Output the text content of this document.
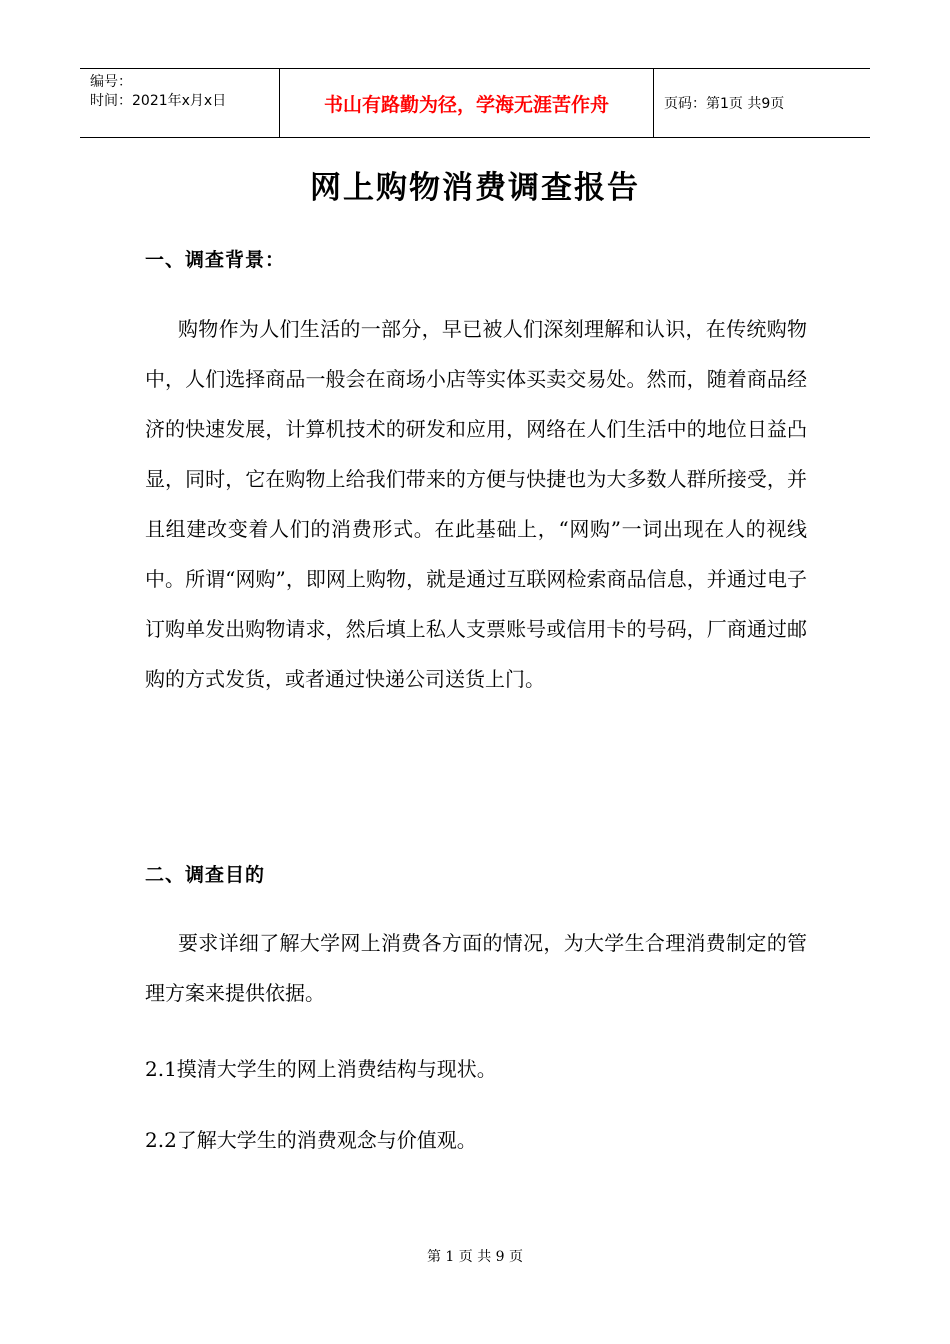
编号：
时间：2021年x月x日	书山有路勤为径，学海无涯苦作舟	页码：第1页 共9页
网上购物消费调查报告
一、调查背景：

购物作为人们生活的一部分，早已被人们深刻理解和认识，在传统购物中，人们选择商品一般会在商场小店等实体买卖交易处。然而，随着商品经济的快速发展，计算机技术的研发和应用，网络在人们生活中的地位日益凸显，同时，它在购物上给我们带来的方便与快捷也为大多数人群所接受，并且组建改变着人们的消费形式。在此基础上，“网购”一词出现在人的视线中。所谓“网购”，即网上购物，就是通过互联网检索商品信息，并通过电子订购单发出购物请求，然后填上私人支票账号或信用卡的号码，厂商通过邮购的方式发货，或者通过快递公司送货上门。

二、调查目的

要求详细了解大学网上消费各方面的情况，为大学生合理消费制定的管理方案来提供依据。

2.1摸清大学生的网上消费结构与现状。

2.2了解大学生的消费观念与价值观。

第 1 页 共 9 页
